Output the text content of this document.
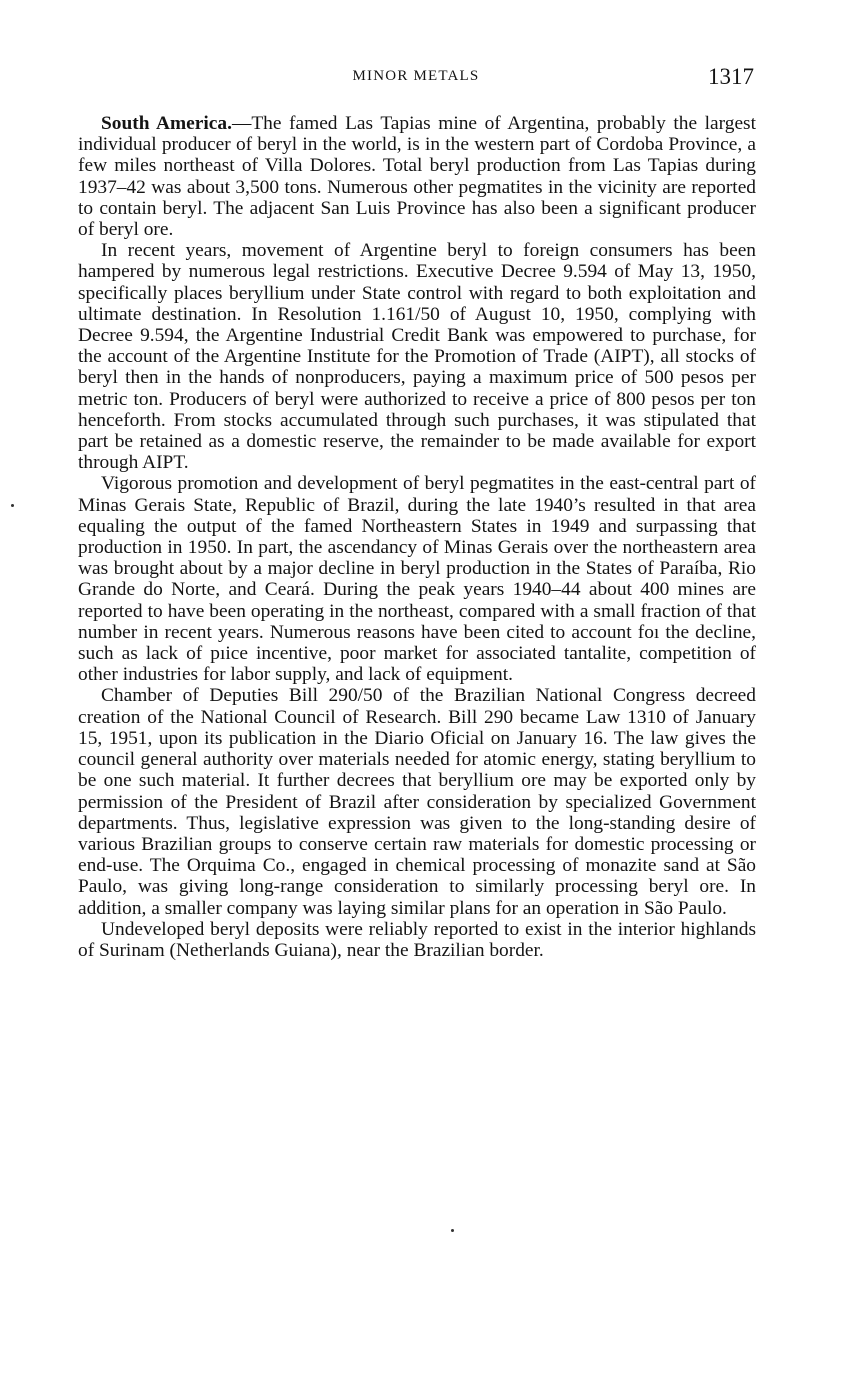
MINOR METALS	1317

South America.—The famed Las Tapias mine of Argentina, probably the largest individual producer of beryl in the world, is in the western part of Cordoba Province, a few miles northeast of Villa Dolores. Total beryl production from Las Tapias during 1937–42 was about 3,500 tons. Numerous other pegmatites in the vicinity are reported to contain beryl. The adjacent San Luis Province has also been a significant producer of beryl ore.

In recent years, movement of Argentine beryl to foreign consumers has been hampered by numerous legal restrictions. Executive Decree 9.594 of May 13, 1950, specifically places beryllium under State control with regard to both exploitation and ultimate destination. In Resolution 1.161/50 of August 10, 1950, complying with Decree 9.594, the Argentine Industrial Credit Bank was empowered to purchase, for the account of the Argentine Institute for the Promotion of Trade (AIPT), all stocks of beryl then in the hands of nonproducers, paying a maximum price of 500 pesos per metric ton. Producers of beryl were authorized to receive a price of 800 pesos per ton henceforth. From stocks accumulated through such purchases, it was stipulated that part be retained as a domestic reserve, the remainder to be made available for export through AIPT.

Vigorous promotion and development of beryl pegmatites in the east-central part of Minas Gerais State, Republic of Brazil, during the late 1940’s resulted in that area equaling the output of the famed Northeastern States in 1949 and surpassing that production in 1950. In part, the ascendancy of Minas Gerais over the northeastern area was brought about by a major decline in beryl production in the States of Paraíba, Rio Grande do Norte, and Ceará. During the peak years 1940–44 about 400 mines are reported to have been operating in the northeast, compared with a small fraction of that number in recent years. Numerous reasons have been cited to account foı the decline, such as lack of pıice incentive, poor market for associated tantalite, competition of other industries for labor supply, and lack of equipment.

Chamber of Deputies Bill 290/50 of the Brazilian National Congress decreed creation of the National Council of Research. Bill 290 became Law 1310 of January 15, 1951, upon its publication in the Diario Oficial on January 16. The law gives the council general authority over materials needed for atomic energy, stating beryllium to be one such material. It further decrees that beryllium ore may be exported only by permission of the President of Brazil after consideration by specialized Government departments. Thus, legislative expression was given to the long-standing desire of various Brazilian groups to conserve certain raw materials for domestic processing or end-use. The Orquima Co., engaged in chemical processing of monazite sand at São Paulo, was giving long-range consideration to similarly processing beryl ore. In addition, a smaller company was laying similar plans for an operation in São Paulo.

Undeveloped beryl deposits were reliably reported to exist in the interior highlands of Surinam (Netherlands Guiana), near the Brazilian border.
